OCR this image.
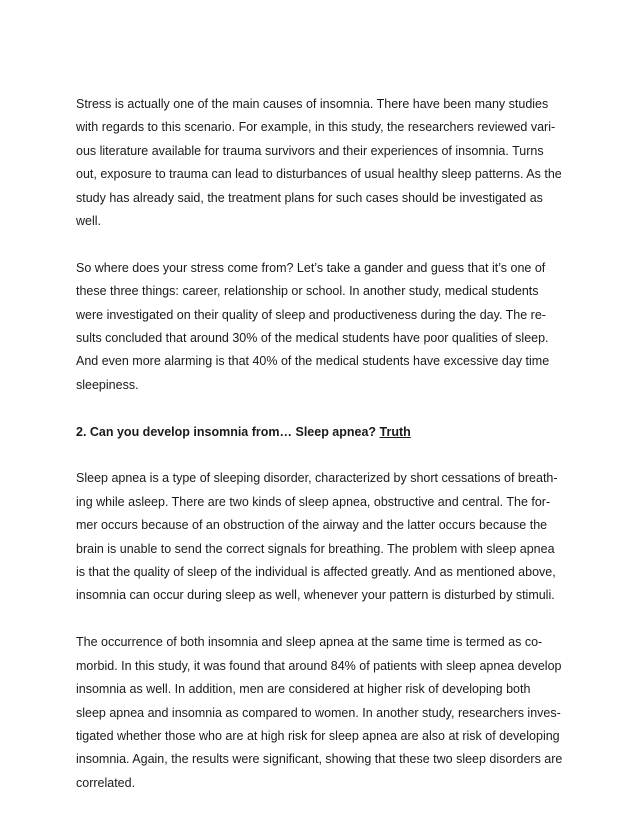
Stress is actually one of the main causes of insomnia. There have been many studies
with regards to this scenario. For example, in this study, the researchers reviewed vari-
ous literature available for trauma survivors and their experiences of insomnia. Turns
out, exposure to trauma can lead to disturbances of usual healthy sleep patterns. As the
study has already said, the treatment plans for such cases should be investigated as
well.
So where does your stress come from? Let’s take a gander and guess that it’s one of
these three things: career, relationship or school. In another study, medical students
were investigated on their quality of sleep and productiveness during the day. The re-
sults concluded that around 30% of the medical students have poor qualities of sleep.
And even more alarming is that 40% of the medical students have excessive day time
sleepiness.
2. Can you develop insomnia from… Sleep apnea? Truth
Sleep apnea is a type of sleeping disorder, characterized by short cessations of breath-
ing while asleep. There are two kinds of sleep apnea, obstructive and central. The for-
mer occurs because of an obstruction of the airway and the latter occurs because the
brain is unable to send the correct signals for breathing. The problem with sleep apnea
is that the quality of sleep of the individual is affected greatly. And as mentioned above,
insomnia can occur during sleep as well, whenever your pattern is disturbed by stimuli.
The occurrence of both insomnia and sleep apnea at the same time is termed as co-
morbid. In this study, it was found that around 84% of patients with sleep apnea develop
insomnia as well. In addition, men are considered at higher risk of developing both
sleep apnea and insomnia as compared to women. In another study, researchers inves-
tigated whether those who are at high risk for sleep apnea are also at risk of developing
insomnia. Again, the results were significant, showing that these two sleep disorders are
correlated.
